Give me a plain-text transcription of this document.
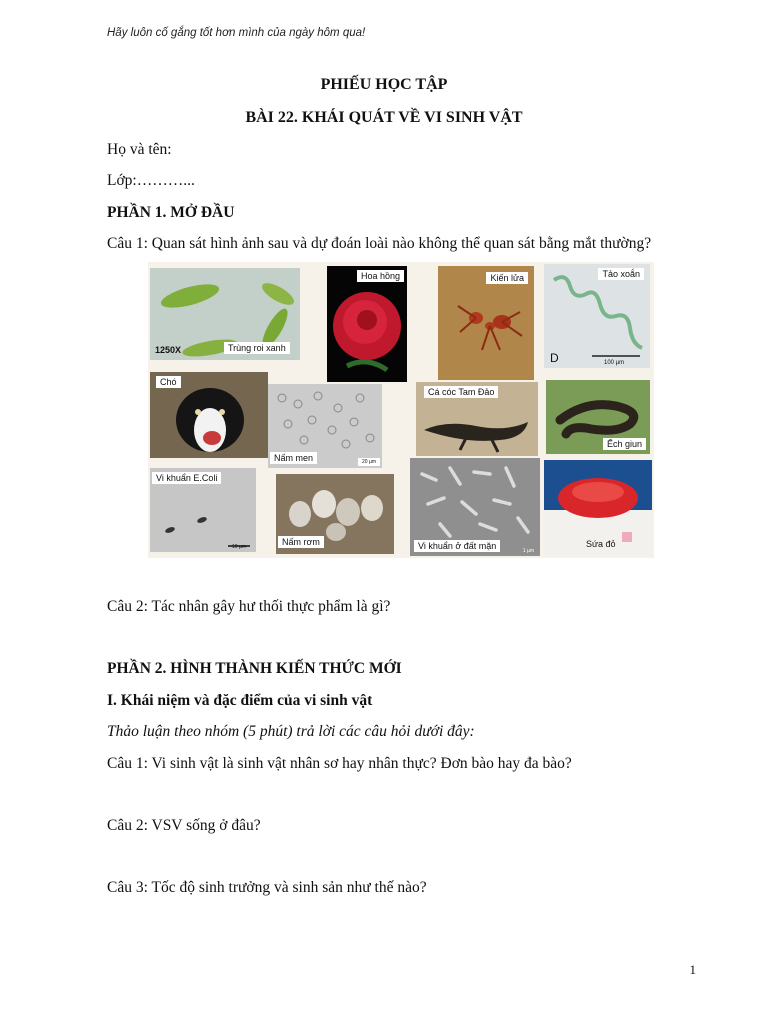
Hãy luôn cố gắng tốt hơn mình của ngày hôm qua!
PHIẾU HỌC TẬP
BÀI 22. KHÁI QUÁT VỀ VI SINH VẬT
Họ và tên:
Lớp:………...
PHẦN 1. MỞ ĐẦU
Câu 1: Quan sát hình ảnh sau và dự đoán loài nào không thể quan sát bằng mắt thường?
1250X	Trùng roi xanh
Hoa hồng	Kiến lửa	Tảo xoắn
D	100 µm
Chó
Nấm men	20 µm
Cá cóc Tam Đảo
Ếch giun
Vi khuẩn E.Coli
10 µm	Nấm rơm	Vi khuẩn ở đất mặn	1 µm
Sứa đỏ
Câu 2: Tác nhân gây hư thối thực phẩm là gì?
PHẦN 2. HÌNH THÀNH KIẾN THỨC MỚI
I. Khái niệm và đặc điểm của vi sinh vật
Thảo luận theo nhóm (5 phút) trả lời các câu hỏi dưới đây:
Câu 1: Vi sinh vật là sinh vật nhân sơ hay nhân thực? Đơn bào hay đa bào?
Câu 2: VSV sống ở đâu?
Câu 3: Tốc độ sinh trưởng và sinh sản như thế nào?
1
